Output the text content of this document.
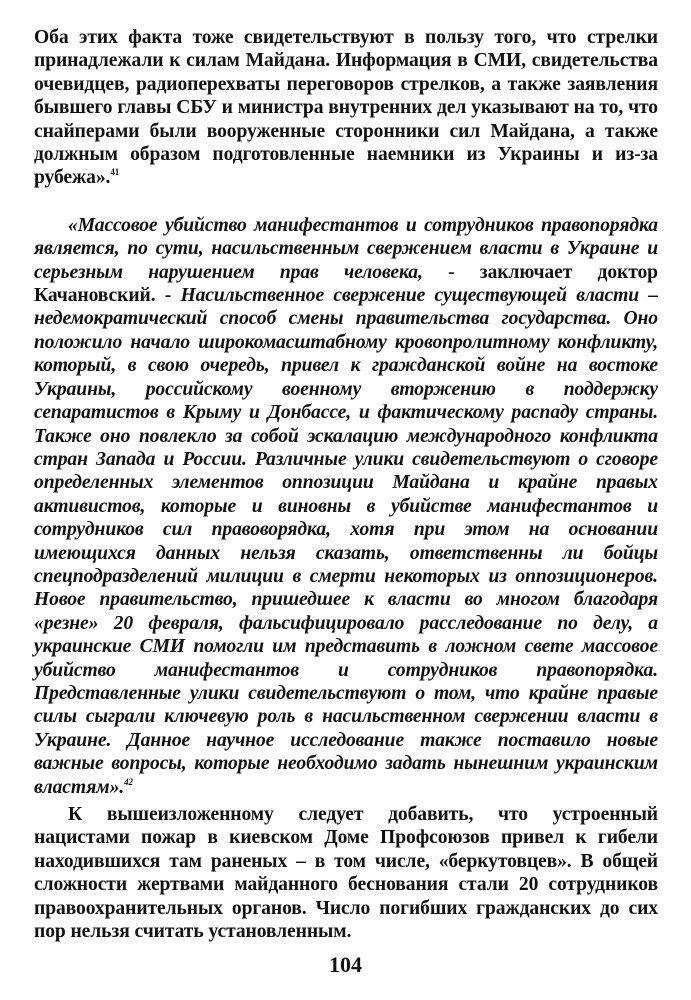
Оба этих факта тоже свидетельствуют в пользу того, что стрелки принадлежали к силам Майдана. Информация в СМИ, свидетельства очевидцев, радиоперехваты переговоров стрелков, а также заявления бывшего главы СБУ и министра внутренних дел указывают на то, что снайперами были вооруженные сторонники сил Майдана, а также должным образом подготовленные наемники из Украины и из-за рубежа».$^{41}$

«Массовое убийство манифестантов и сотрудников правопорядка является, по сути, насильственным свержением власти в Украине и серьезным нарушением прав человека, - заключает доктор Качановский. - Насильственное свержение существующей власти – недемократический способ смены правительства государства. Оно положило начало широкомасштабному кровопролитному конфликту, который, в свою очередь, привел к гражданской войне на востоке Украины, российскому военному вторжению в поддержку сепаратистов в Крыму и Донбассе, и фактическому распаду страны. Также оно повлекло за собой эскалацию международного конфликта стран Запада и России. Различные улики свидетельствуют о сговоре определенных элементов оппозиции Майдана и крайне правых активистов, которые и виновны в убийстве манифестантов и сотрудников сил правоворядка, хотя при этом на основании имеющихся данных нельзя сказать, ответственны ли бойцы спецподразделений милиции в смерти некоторых из оппозиционеров. Новое правительство, пришедшее к власти во многом благодаря «резне» 20 февраля, фальсифицировало расследование по делу, а украинские СМИ помогли им представить в ложном свете массовое убийство манифестантов и сотрудников правопорядка. Представленные улики свидетельствуют о том, что крайне правые силы сыграли ключевую роль в насильственном свержении власти в Украине. Данное научное исследование также поставило новые важные вопросы, которые необходимо задать нынешним украинским властям».$^{42}$

К вышеизложенному следует добавить, что устроенный нацистами пожар в киевском Доме Профсоюзов привел к гибели находившихся там раненых – в том числе, «беркутовцев». В общей сложности жертвами майданного беснования стали 20 сотрудников правоохранительных органов. Число погибших гражданских до сих пор нельзя считать установленным.

104
